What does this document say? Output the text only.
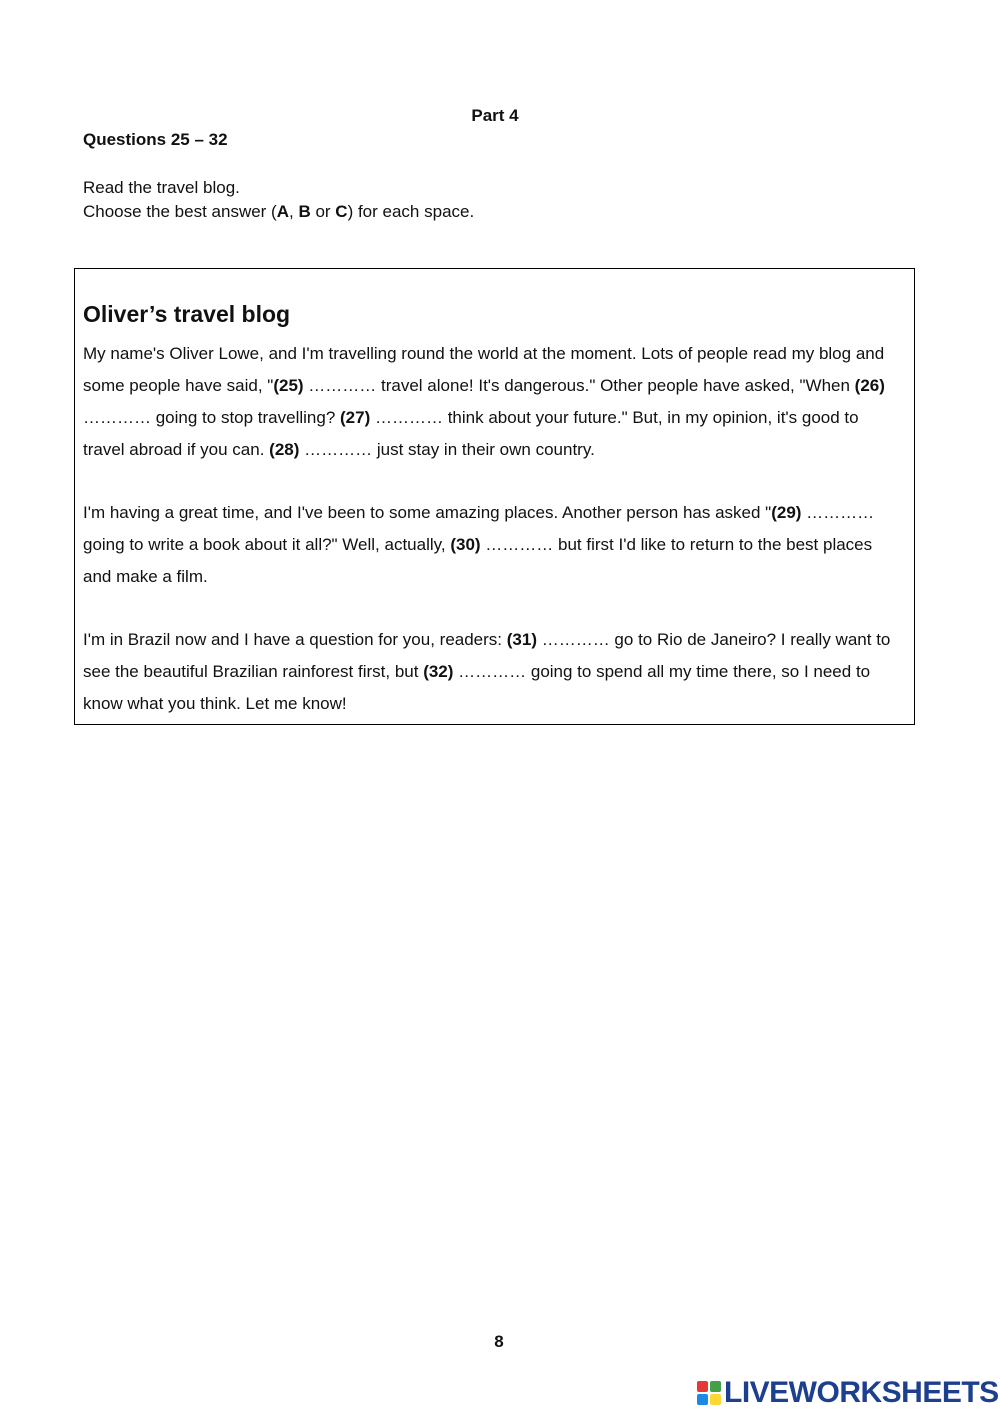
Part 4
Questions 25 – 32
Read the travel blog.
Choose the best answer (A, B or C) for each space.
Oliver’s travel blog
My name's Oliver Lowe, and I'm travelling round the world at the moment. Lots of people read my blog and some people have said, "(25) ………… travel alone! It's dangerous." Other people have asked, "When (26) ………… going to stop travelling? (27) ………… think about your future." But, in my opinion, it's good to travel abroad if you can. (28) ………… just stay in their own country.
I'm having a great time, and I've been to some amazing places. Another person has asked "(29) ………… going to write a book about it all?" Well, actually, (30) ………… but first I'd like to return to the best places and make a film.
I'm in Brazil now and I have a question for you, readers: (31) ………… go to Rio de Janeiro? I really want to see the beautiful Brazilian rainforest first, but (32) ………… going to spend all my time there, so I need to know what you think. Let me know!
8
LIVEWORKSHEETS
